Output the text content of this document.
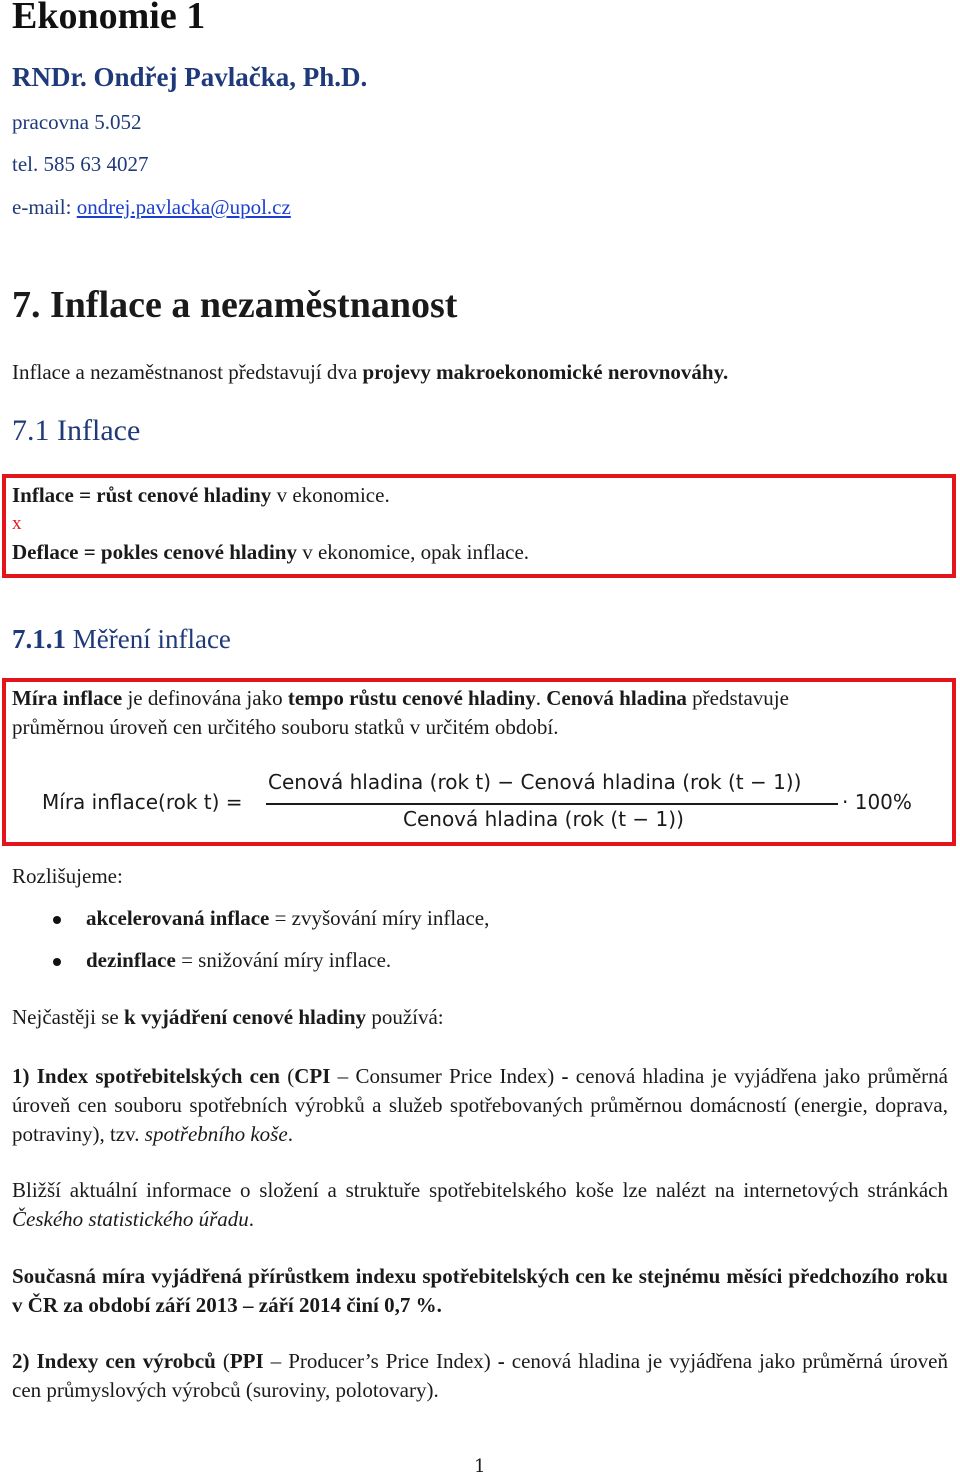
Ekonomie 1
RNDr. Ondřej Pavlačka, Ph.D.
pracovna 5.052
tel. 585 63 4027
e-mail: ondrej.pavlacka@upol.cz
7. Inflace a nezaměstnanost
Inflace a nezaměstnanost představují dva projevy makroekonomické nerovnováhy.
7.1 Inflace
Inflace = růst cenové hladiny v ekonomice.
x
Deflace = pokles cenové hladiny v ekonomice, opak inflace.
7.1.1 Měření inflace
Míra inflace je definována jako tempo růstu cenové hladiny. Cenová hladina představuje
průměrnou úroveň cen určitého souboru statků v určitém období.
Míra inflace(rok t) =
Cenová hladina (rok t) − Cenová hladina (rok (t − 1))
Cenová hladina (rok (t − 1))
· 100%
Rozlišujeme:
akcelerovaná inflace = zvyšování míry inflace,
dezinflace = snižování míry inflace.
Nejčastěji se k vyjádření cenové hladiny používá:
1) Index spotřebitelských cen (CPI – Consumer Price Index) - cenová hladina je vyjádřena jako průměrná úroveň cen souboru spotřebních výrobků a služeb spotřebovaných průměrnou domácností (energie, doprava, potraviny), tzv. spotřebního koše.
Bližší aktuální informace o složení a struktuře spotřebitelského koše lze nalézt na internetových stránkách Českého statistického úřadu.
Současná míra vyjádřená přírůstkem indexu spotřebitelských cen ke stejnému měsíci předchozího roku v ČR za období září 2013 – září 2014 činí 0,7 %.
2) Indexy cen výrobců (PPI – Producer’s Price Index) - cenová hladina je vyjádřena jako průměrná úroveň cen průmyslových výrobců (suroviny, polotovary).
1
